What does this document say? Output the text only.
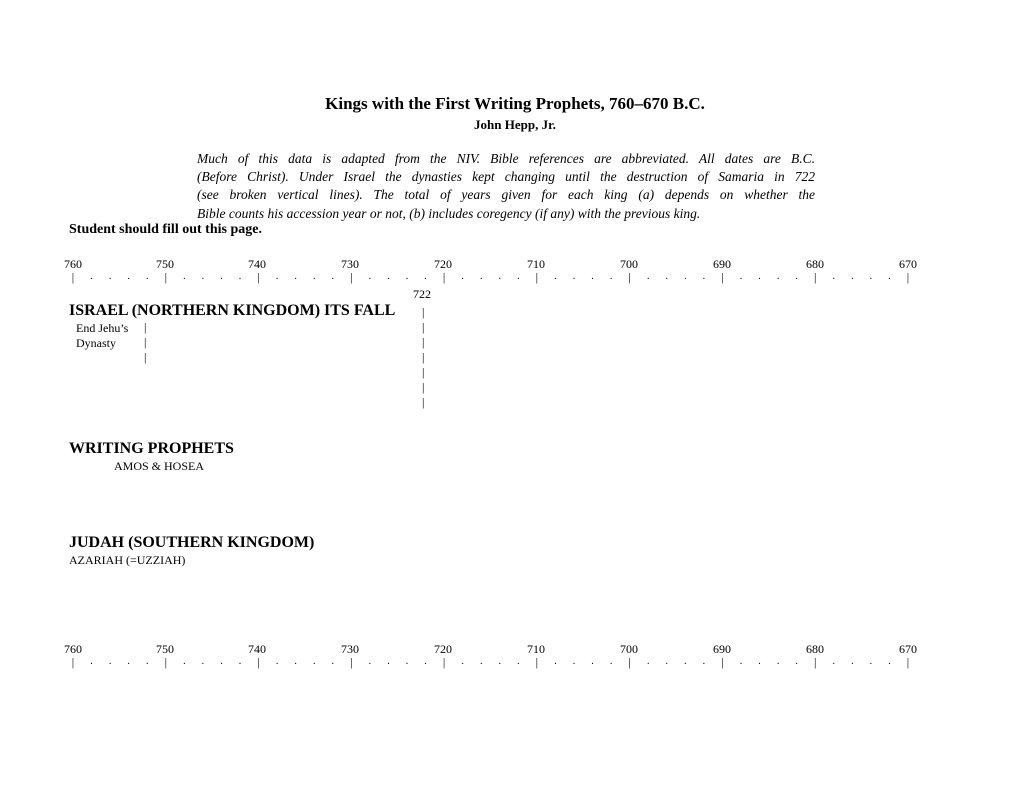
Kings with the First Writing Prophets, 760–670 B.C.
John Hepp, Jr.
Much of this data is adapted from the NIV. Bible references are abbreviated. All dates are B.C.
(Before Christ). Under Israel the dynasties kept changing until the destruction of Samaria in 722
(see broken vertical lines). The total of years given for each king (a) depends on whether the
Bible counts his accession year or not, (b) includes coregency (if any) with the previous king.
Student should fill out this page.
760	750	740	730	720	710	700	690	680	670
| . . . . | . . . . | . . . . | . . . . | . . . . | . . . . | . . . . | . . . . | . . . . |
722
ISRAEL (NORTHERN KINGDOM) ITS FALL
End Jehu’s
Dynasty
|
|
|
|
|
|
|
|
|
|
WRITING PROPHETS
AMOS & HOSEA
JUDAH (SOUTHERN KINGDOM)
AZARIAH (=UZZIAH)
760	750	740	730	720	710	700	690	680	670
| . . . . | . . . . | . . . . | . . . . | . . . . | . . . . | . . . . | . . . . | . . . . |
